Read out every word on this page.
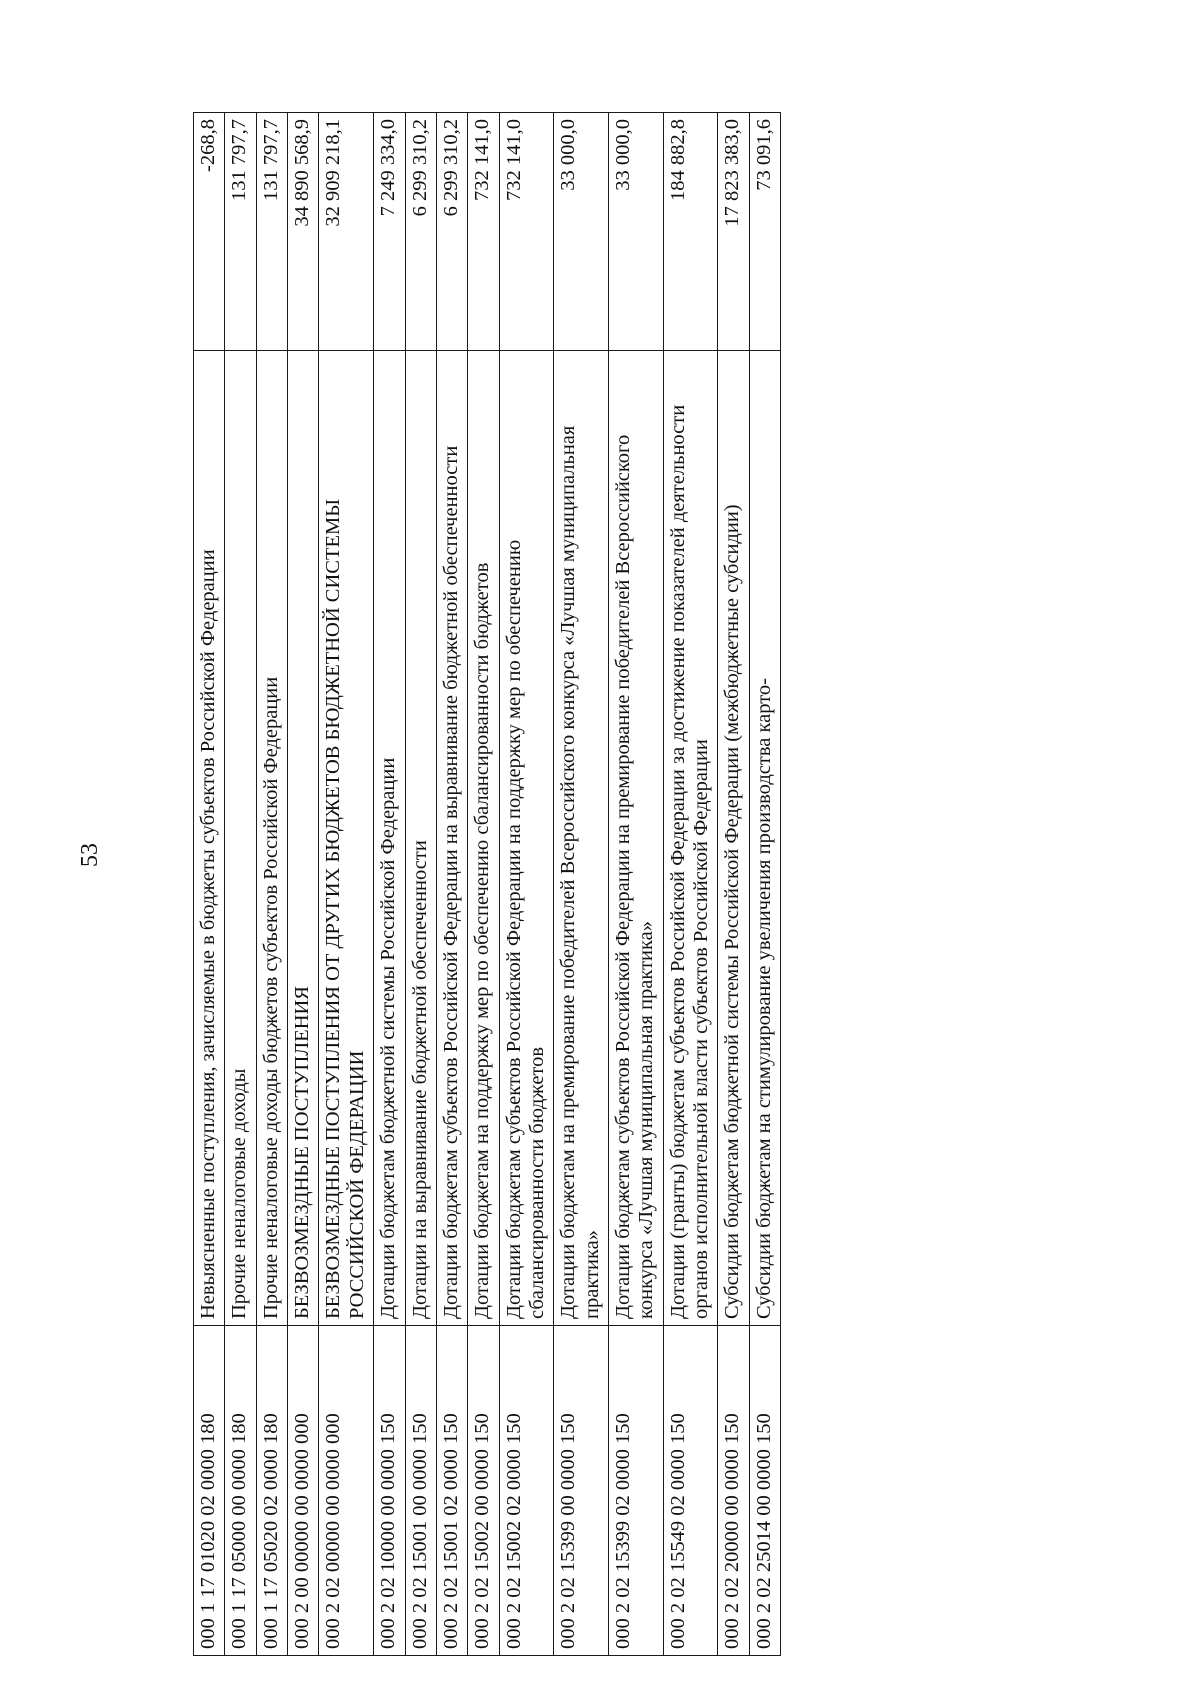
53
000 1 17 01020 02 0000 180	Невыясненные поступления, зачисляемые в бюджеты субъектов Российской Федерации	-268,8
000 1 17 05000 00 0000 180	Прочие неналоговые доходы	131 797,7
000 1 17 05020 02 0000 180	Прочие неналоговые доходы бюджетов субъектов Российской Федерации	131 797,7
000 2 00 00000 00 0000 000	БЕЗВОЗМЕЗДНЫЕ ПОСТУПЛЕНИЯ	34 890 568,9
000 2 02 00000 00 0000 000	БЕЗВОЗМЕЗДНЫЕ ПОСТУПЛЕНИЯ ОТ ДРУГИХ БЮДЖЕТОВ БЮДЖЕТНОЙ СИСТЕМЫ РОССИЙСКОЙ ФЕДЕРАЦИИ	32 909 218,1
000 2 02 10000 00 0000 150	Дотации бюджетам бюджетной системы Российской Федерации	7 249 334,0
000 2 02 15001 00 0000 150	Дотации на выравнивание бюджетной обеспеченности	6 299 310,2
000 2 02 15001 02 0000 150	Дотации бюджетам субъектов Российской Федерации на выравнивание бюджетной обеспеченности	6 299 310,2
000 2 02 15002 00 0000 150	Дотации бюджетам на поддержку мер по обеспечению сбалансированности бюджетов	732 141,0
000 2 02 15002 02 0000 150	Дотации бюджетам субъектов Российской Федерации на поддержку мер по обеспечению сбалансированности бюджетов	732 141,0
000 2 02 15399 00 0000 150	Дотации бюджетам на премирование победителей Всероссийского конкурса «Лучшая муниципальная практика»	33 000,0
000 2 02 15399 02 0000 150	Дотации бюджетам субъектов Российской Федерации на премирование победителей Всероссийского конкурса «Лучшая муниципальная практика»	33 000,0
000 2 02 15549 02 0000 150	Дотации (гранты) бюджетам субъектов Российской Федерации за достижение показателей деятельности органов исполнительной власти субъектов Российской Федерации	184 882,8
000 2 02 20000 00 0000 150	Субсидии бюджетам бюджетной системы Российской Федерации (межбюджетные субсидии)	17 823 383,0
000 2 02 25014 00 0000 150	Субсидии бюджетам на стимулирование увеличения производства карто-	73 091,6
